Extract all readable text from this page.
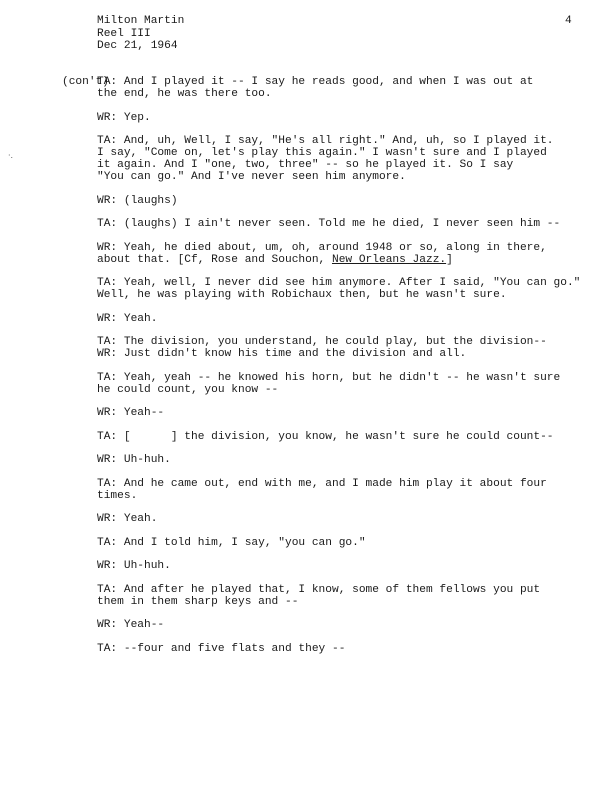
Milton Martin
Reel III
Dec 21, 1964
4
·.
(con't)
TA: And I played it -- I say he reads good, and when I was out at
the end, he was there too.
WR: Yep.
TA: And, uh, Well, I say, "He's all right." And, uh, so I played it.
I say, "Come on, let's play this again." I wasn't sure and I played
it again. And I "one, two, three" -- so he played it. So I say
"You can go." And I've never seen him anymore.
WR: (laughs)
TA: (laughs) I ain't never seen. Told me he died, I never seen him --
WR: Yeah, he died about, um, oh, around 1948 or so, along in there,
about that. [Cf, Rose and Souchon, New Orleans Jazz.]
TA: Yeah, well, I never did see him anymore. After I said, "You can go."
Well, he was playing with Robichaux then, but he wasn't sure.
WR: Yeah.
TA: The division, you understand, he could play, but the division--
WR: Just didn't know his time and the division and all.
TA: Yeah, yeah -- he knowed his horn, but he didn't -- he wasn't sure
he could count, you know --
WR: Yeah--
TA: [      ] the division, you know, he wasn't sure he could count--
WR: Uh-huh.
TA: And he came out, end with me, and I made him play it about four
times.
WR: Yeah.
TA: And I told him, I say, "you can go."
WR: Uh-huh.
TA: And after he played that, I know, some of them fellows you put
them in them sharp keys and --
WR: Yeah--
TA: --four and five flats and they --
